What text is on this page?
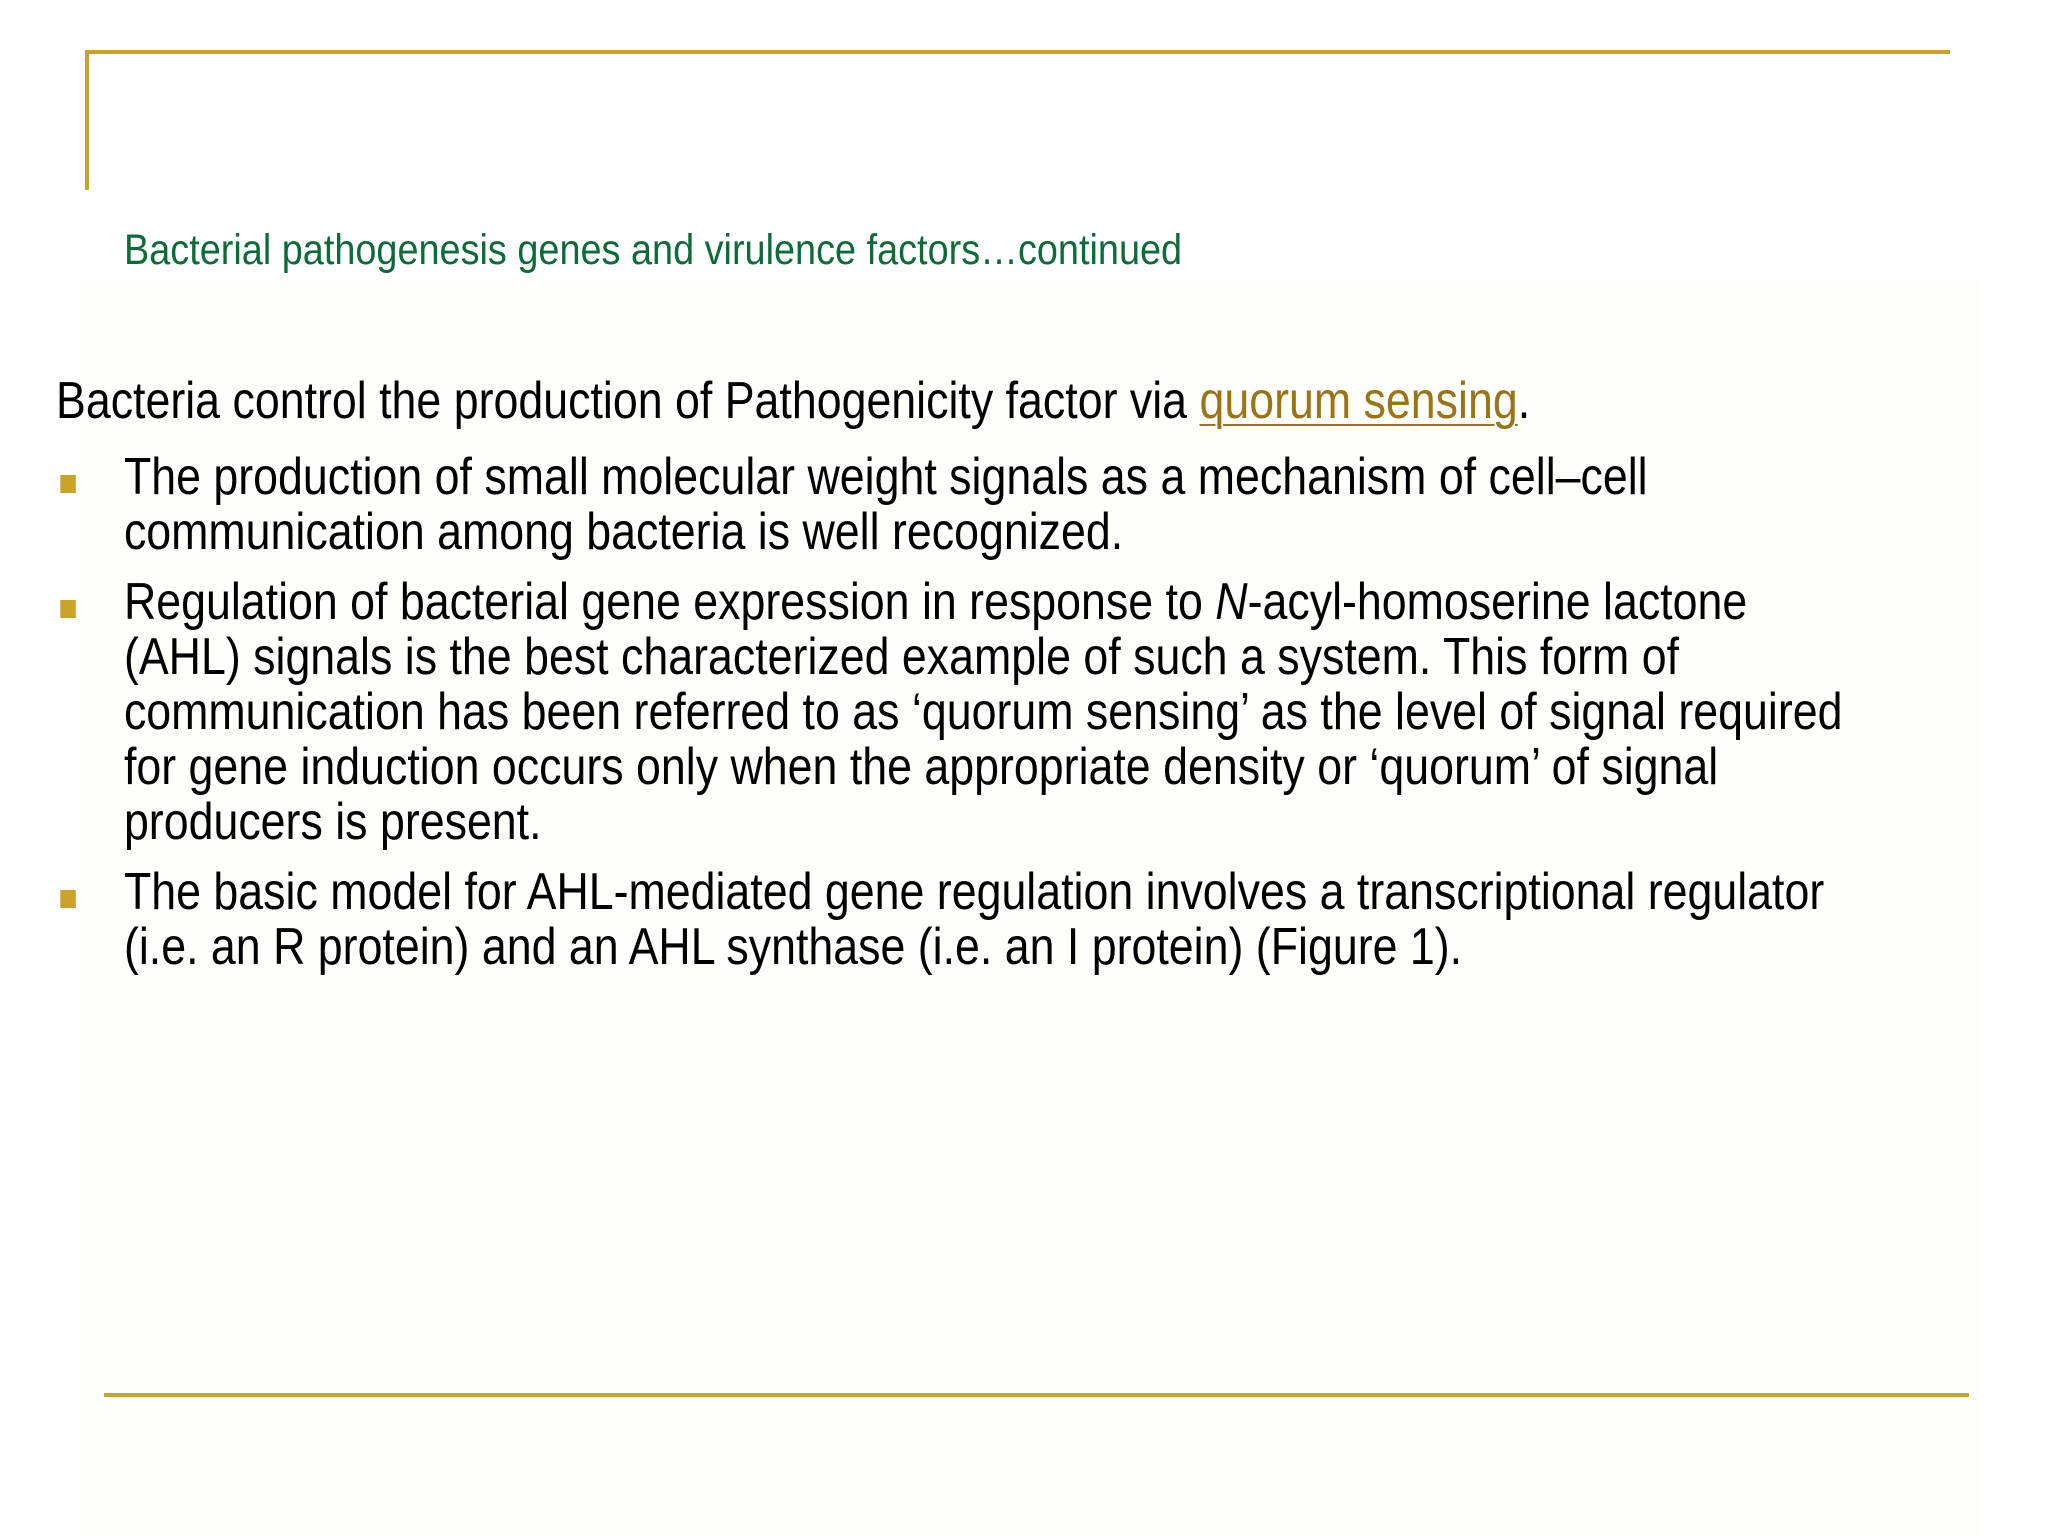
Bacterial pathogenesis genes and virulence factors…continued
Bacteria control the production of Pathogenicity factor via quorum sensing.
The production of small molecular weight signals as a mechanism of cell–cell
communication among bacteria is well recognized.
Regulation of bacterial gene expression in response to N-acyl-homoserine lactone
(AHL) signals is the best characterized example of such a system. This form of
communication has been referred to as ‘quorum sensing’ as the level of signal required
for gene induction occurs only when the appropriate density or ‘quorum’ of signal
producers is present.
The basic model for AHL-mediated gene regulation involves a transcriptional regulator
(i.e. an R protein) and an AHL synthase (i.e. an I protein) (Figure 1).
